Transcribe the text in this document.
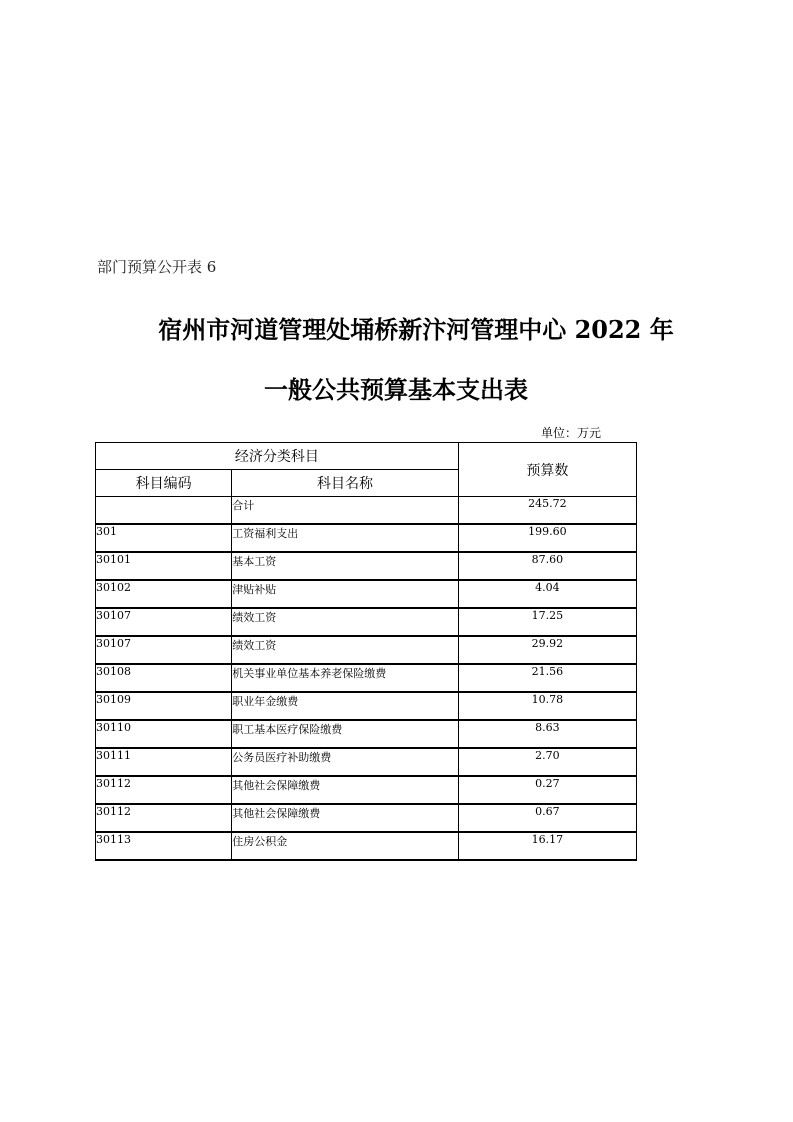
部门预算公开表 6
宿州市河道管理处埇桥新汴河管理中心 2022 年
一般公共预算基本支出表
单位：万元
经济分类科目		预算数
科目编码	科目名称	
	合计	245.72
301	工资福利支出	199.60
30101	基本工资	87.60
30102	津贴补贴	4.04
30107	绩效工资	17.25
30107	绩效工资	29.92
30108	机关事业单位基本养老保险缴费	21.56
30109	职业年金缴费	10.78
30110	职工基本医疗保险缴费	8.63
30111	公务员医疗补助缴费	2.70
30112	其他社会保障缴费	0.27
30112	其他社会保障缴费	0.67
30113	住房公积金	16.17
